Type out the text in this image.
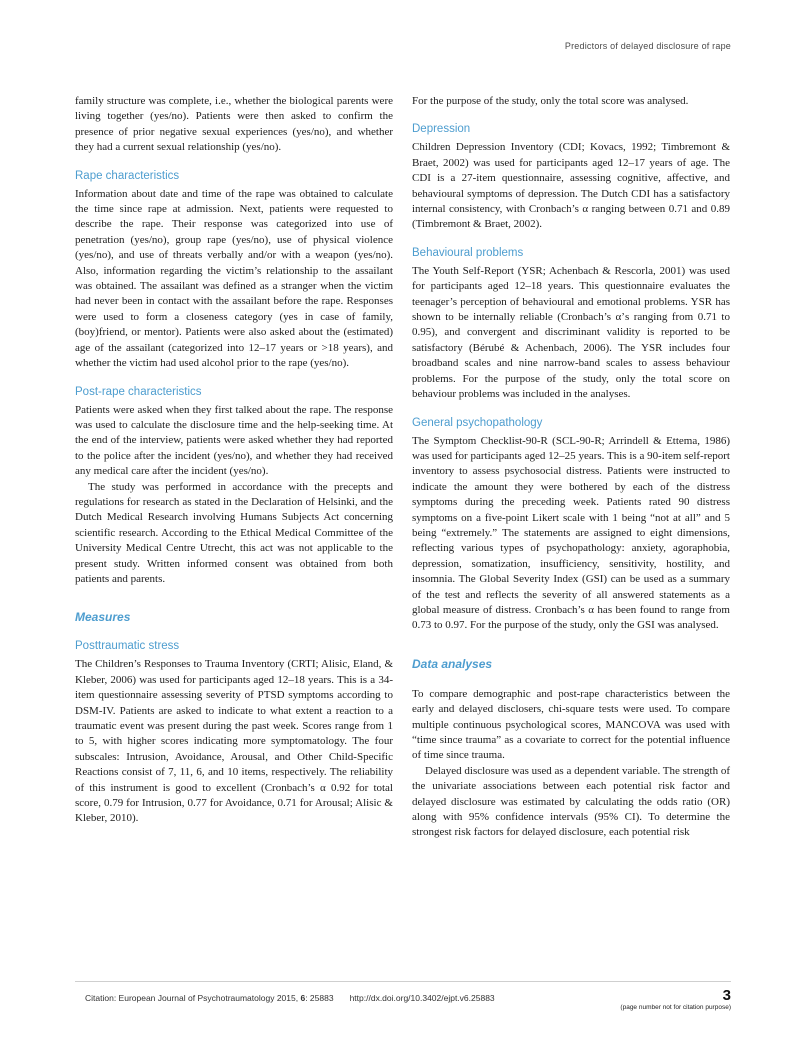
Predictors of delayed disclosure of rape
family structure was complete, i.e., whether the biological parents were living together (yes/no). Patients were then asked to confirm the presence of prior negative sexual experiences (yes/no), and whether they had a current sexual relationship (yes/no).
Rape characteristics
Information about date and time of the rape was obtained to calculate the time since rape at admission. Next, patients were requested to describe the rape. Their response was categorized into use of penetration (yes/no), group rape (yes/no), use of physical violence (yes/no), and use of threats verbally and/or with a weapon (yes/no). Also, information regarding the victim’s relationship to the assailant was obtained. The assailant was defined as a stranger when the victim had never been in contact with the assailant before the rape. Responses were used to form a closeness category (yes in case of family, (boy)friend, or mentor). Patients were also asked about the (estimated) age of the assailant (categorized into 12–17 years or >18 years), and whether the victim had used alcohol prior to the rape (yes/no).
Post-rape characteristics
Patients were asked when they first talked about the rape. The response was used to calculate the disclosure time and the help-seeking time. At the end of the interview, patients were asked whether they had reported to the police after the incident (yes/no), and whether they had received any medical care after the incident (yes/no).
The study was performed in accordance with the precepts and regulations for research as stated in the Declaration of Helsinki, and the Dutch Medical Research involving Humans Subjects Act concerning scientific research. According to the Ethical Medical Committee of the University Medical Centre Utrecht, this act was not applicable to the present study. Written informed consent was obtained from both patients and parents.
Measures
Posttraumatic stress
The Children’s Responses to Trauma Inventory (CRTI; Alisic, Eland, & Kleber, 2006) was used for participants aged 12–18 years. This is a 34-item questionnaire assessing severity of PTSD symptoms according to DSM-IV. Patients are asked to indicate to what extent a reaction to a traumatic event was present during the past week. Scores range from 1 to 5, with higher scores indicating more symptomatology. The four subscales: Intrusion, Avoidance, Arousal, and Other Child-Specific Reactions consist of 7, 11, 6, and 10 items, respectively. The reliability of this instrument is good to excellent (Cronbach’s α 0.92 for total score, 0.79 for Intrusion, 0.77 for Avoidance, 0.71 for Arousal; Alisic & Kleber, 2010).
For the purpose of the study, only the total score was analysed.
Depression
Children Depression Inventory (CDI; Kovacs, 1992; Timbremont & Braet, 2002) was used for participants aged 12–17 years of age. The CDI is a 27-item questionnaire, assessing cognitive, affective, and behavioural symptoms of depression. The Dutch CDI has a satisfactory internal consistency, with Cronbach’s α ranging between 0.71 and 0.89 (Timbremont & Braet, 2002).
Behavioural problems
The Youth Self-Report (YSR; Achenbach & Rescorla, 2001) was used for participants aged 12–18 years. This questionnaire evaluates the teenager’s perception of behavioural and emotional problems. YSR has shown to be internally reliable (Cronbach’s α’s ranging from 0.71 to 0.95), and convergent and discriminant validity is reported to be satisfactory (Bérubé & Achenbach, 2006). The YSR includes four broadband scales and nine narrow-band scales to assess behaviour problems. For the purpose of the study, only the total score on behaviour problems was included in the analyses.
General psychopathology
The Symptom Checklist-90-R (SCL-90-R; Arrindell & Ettema, 1986) was used for participants aged 12–25 years. This is a 90-item self-report inventory to assess psychosocial distress. Patients were instructed to indicate the amount they were bothered by each of the distress symptoms during the preceding week. Patients rated 90 distress symptoms on a five-point Likert scale with 1 being “not at all” and 5 being “extremely.” The statements are assigned to eight dimensions, reflecting various types of psychopathology: anxiety, agoraphobia, depression, somatization, insufficiency, sensitivity, hostility, and insomnia. The Global Severity Index (GSI) can be used as a summary of the test and reflects the severity of all answered statements as a global measure of distress. Cronbach’s α has been found to range from 0.73 to 0.97. For the purpose of the study, only the GSI was analysed.
Data analyses
To compare demographic and post-rape characteristics between the early and delayed disclosers, chi-square tests were used. To compare multiple continuous psychological scores, MANCOVA was used with “time since trauma” as a covariate to correct for the potential influence of time since trauma.
Delayed disclosure was used as a dependent variable. The strength of the univariate associations between each potential risk factor and delayed disclosure was estimated by calculating the odds ratio (OR) along with 95% confidence intervals (95% CI). To determine the strongest risk factors for delayed disclosure, each potential risk
Citation: European Journal of Psychotraumatology 2015, 6: 25883 http://dx.doi.org/10.3402/ejpt.v6.25883	3
(page number not for citation purpose)
